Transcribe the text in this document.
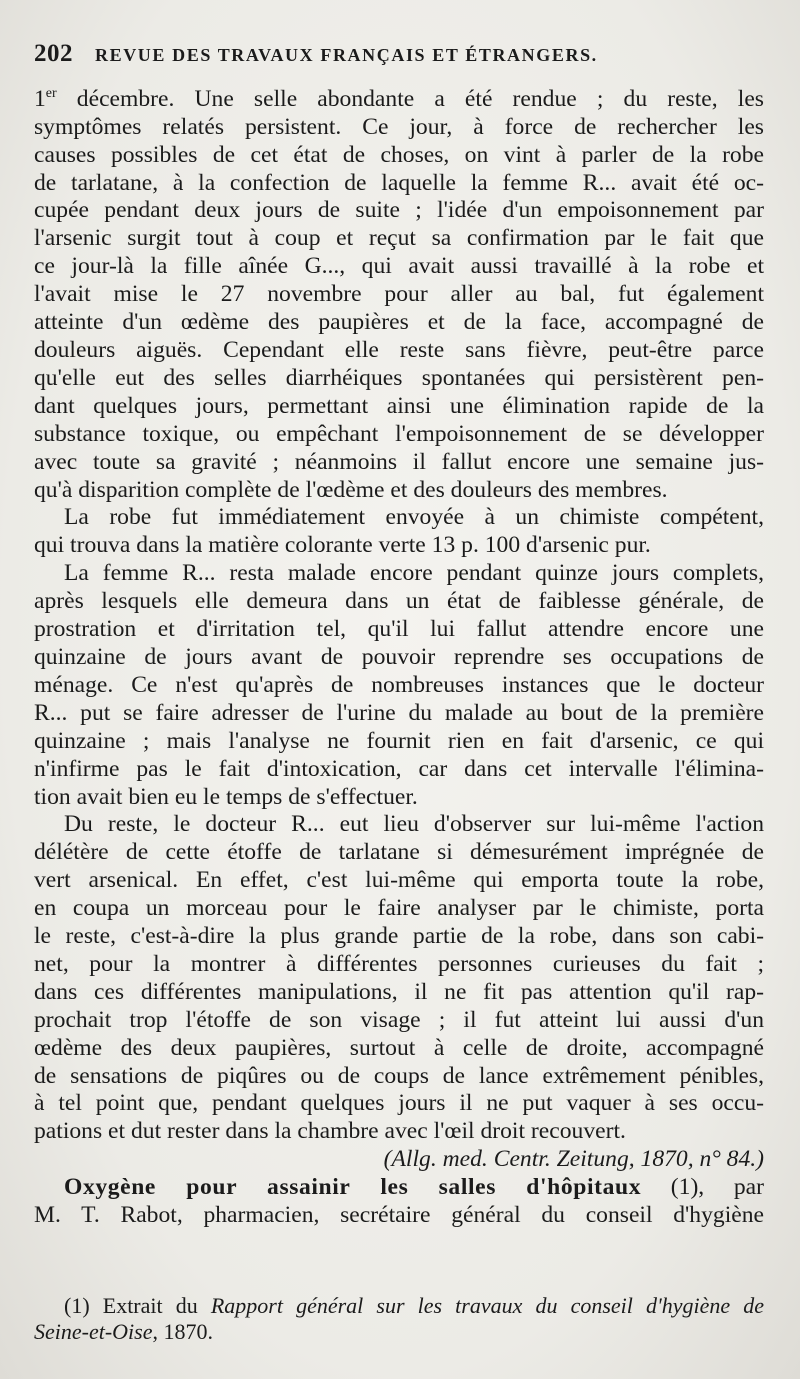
202 REVUE DES TRAVAUX FRANÇAIS ET ÉTRANGERS.

1er décembre. Une selle abondante a été rendue ; du reste, les
symptômes relatés persistent. Ce jour, à force de rechercher les
causes possibles de cet état de choses, on vint à parler de la robe
de tarlatane, à la confection de laquelle la femme R... avait été oc-
cupée pendant deux jours de suite ; l'idée d'un empoisonnement par
l'arsenic surgit tout à coup et reçut sa confirmation par le fait que
ce jour-là la fille aînée G..., qui avait aussi travaillé à la robe et
l'avait mise le 27 novembre pour aller au bal, fut également
atteinte d'un œdème des paupières et de la face, accompagné de
douleurs aiguës. Cependant elle reste sans fièvre, peut-être parce
qu'elle eut des selles diarrhéiques spontanées qui persistèrent pen-
dant quelques jours, permettant ainsi une élimination rapide de la
substance toxique, ou empêchant l'empoisonnement de se développer
avec toute sa gravité ; néanmoins il fallut encore une semaine jus-
qu'à disparition complète de l'œdème et des douleurs des membres.

La robe fut immédiatement envoyée à un chimiste compétent,
qui trouva dans la matière colorante verte 13 p. 100 d'arsenic pur.

La femme R... resta malade encore pendant quinze jours complets,
après lesquels elle demeura dans un état de faiblesse générale, de
prostration et d'irritation tel, qu'il lui fallut attendre encore une
quinzaine de jours avant de pouvoir reprendre ses occupations de
ménage. Ce n'est qu'après de nombreuses instances que le docteur
R... put se faire adresser de l'urine du malade au bout de la première
quinzaine ; mais l'analyse ne fournit rien en fait d'arsenic, ce qui
n'infirme pas le fait d'intoxication, car dans cet intervalle l'élimina-
tion avait bien eu le temps de s'effectuer.

Du reste, le docteur R... eut lieu d'observer sur lui-même l'action
délétère de cette étoffe de tarlatane si démesurément imprégnée de
vert arsenical. En effet, c'est lui-même qui emporta toute la robe,
en coupa un morceau pour le faire analyser par le chimiste, porta
le reste, c'est-à-dire la plus grande partie de la robe, dans son cabi-
net, pour la montrer à différentes personnes curieuses du fait ;
dans ces différentes manipulations, il ne fit pas attention qu'il rap-
prochait trop l'étoffe de son visage ; il fut atteint lui aussi d'un
œdème des deux paupières, surtout à celle de droite, accompagné
de sensations de piqûres ou de coups de lance extrêmement pénibles,
à tel point que, pendant quelques jours il ne put vaquer à ses occu-
pations et dut rester dans la chambre avec l'œil droit recouvert.

(Allg. med. Centr. Zeitung, 1870, n° 84.)

Oxygène pour assainir les salles d'hôpitaux (1), par
M. T. Rabot, pharmacien, secrétaire général du conseil d'hygiène

(1) Extrait du Rapport général sur les travaux du conseil d'hygiène de
Seine-et-Oise, 1870.
